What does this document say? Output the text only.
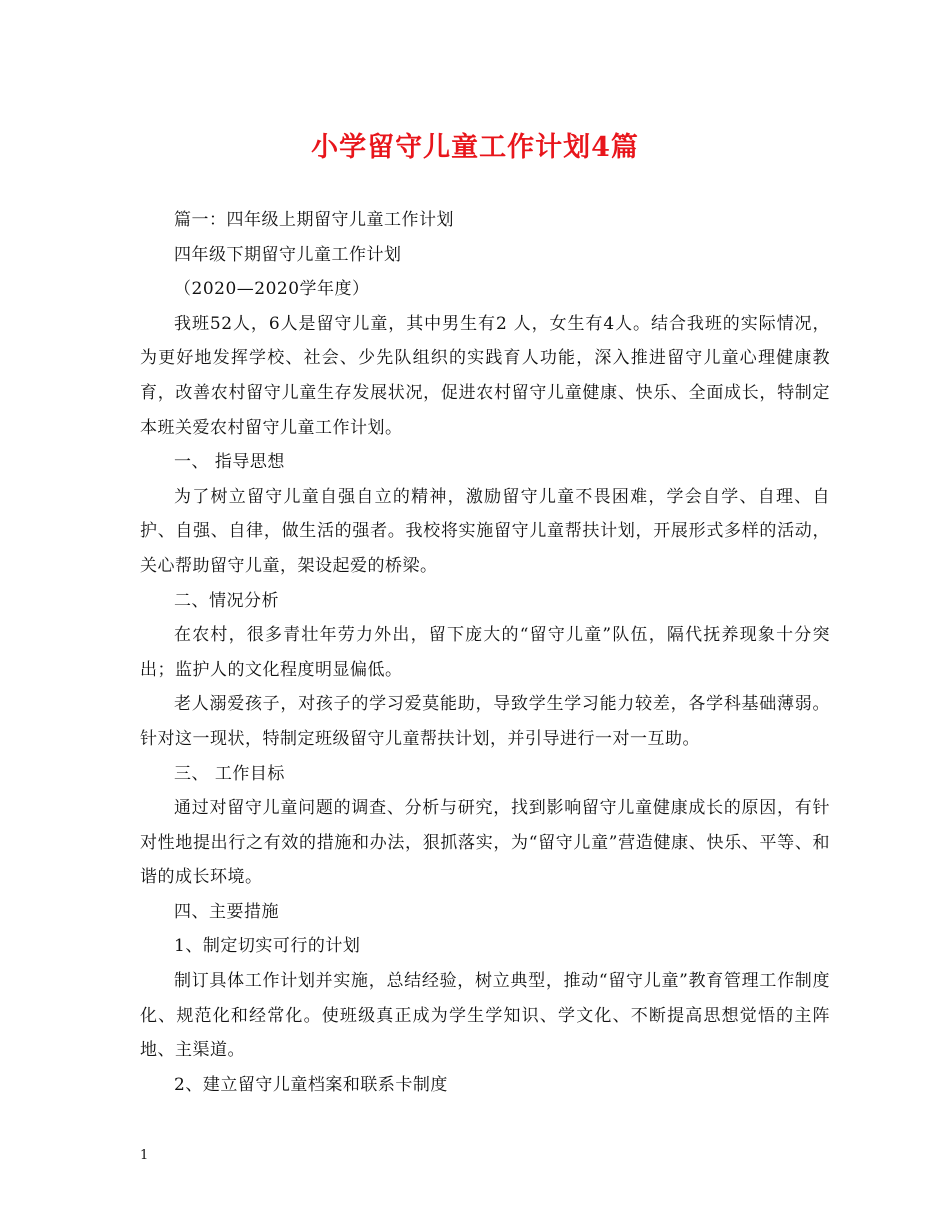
小学留守儿童工作计划4篇

篇一：四年级上期留守儿童工作计划

四年级下期留守儿童工作计划

（2020—2020学年度）

我班52人，6人是留守儿童，其中男生有2 人，女生有4人。结合我班的实际情况，为更好地发挥学校、社会、少先队组织的实践育人功能，深入推进留守儿童心理健康教育，改善农村留守儿童生存发展状况，促进农村留守儿童健康、快乐、全面成长，特制定本班关爱农村留守儿童工作计划。

一、 指导思想

为了树立留守儿童自强自立的精神，激励留守儿童不畏困难，学会自学、自理、自护、自强、自律，做生活的强者。我校将实施留守儿童帮扶计划，开展形式多样的活动，关心帮助留守儿童，架设起爱的桥梁。

二、情况分析

在农村，很多青壮年劳力外出，留下庞大的“留守儿童”队伍，隔代抚养现象十分突出；监护人的文化程度明显偏低。

老人溺爱孩子，对孩子的学习爱莫能助，导致学生学习能力较差，各学科基础薄弱。针对这一现状，特制定班级留守儿童帮扶计划，并引导进行一对一互助。

三、 工作目标

通过对留守儿童问题的调查、分析与研究，找到影响留守儿童健康成长的原因，有针对性地提出行之有效的措施和办法，狠抓落实，为“留守儿童”营造健康、快乐、平等、和谐的成长环境。

四、主要措施

1、制定切实可行的计划

制订具体工作计划并实施，总结经验，树立典型，推动“留守儿童”教育管理工作制度化、规范化和经常化。使班级真正成为学生学知识、学文化、不断提高思想觉悟的主阵地、主渠道。

2、建立留守儿童档案和联系卡制度

1
